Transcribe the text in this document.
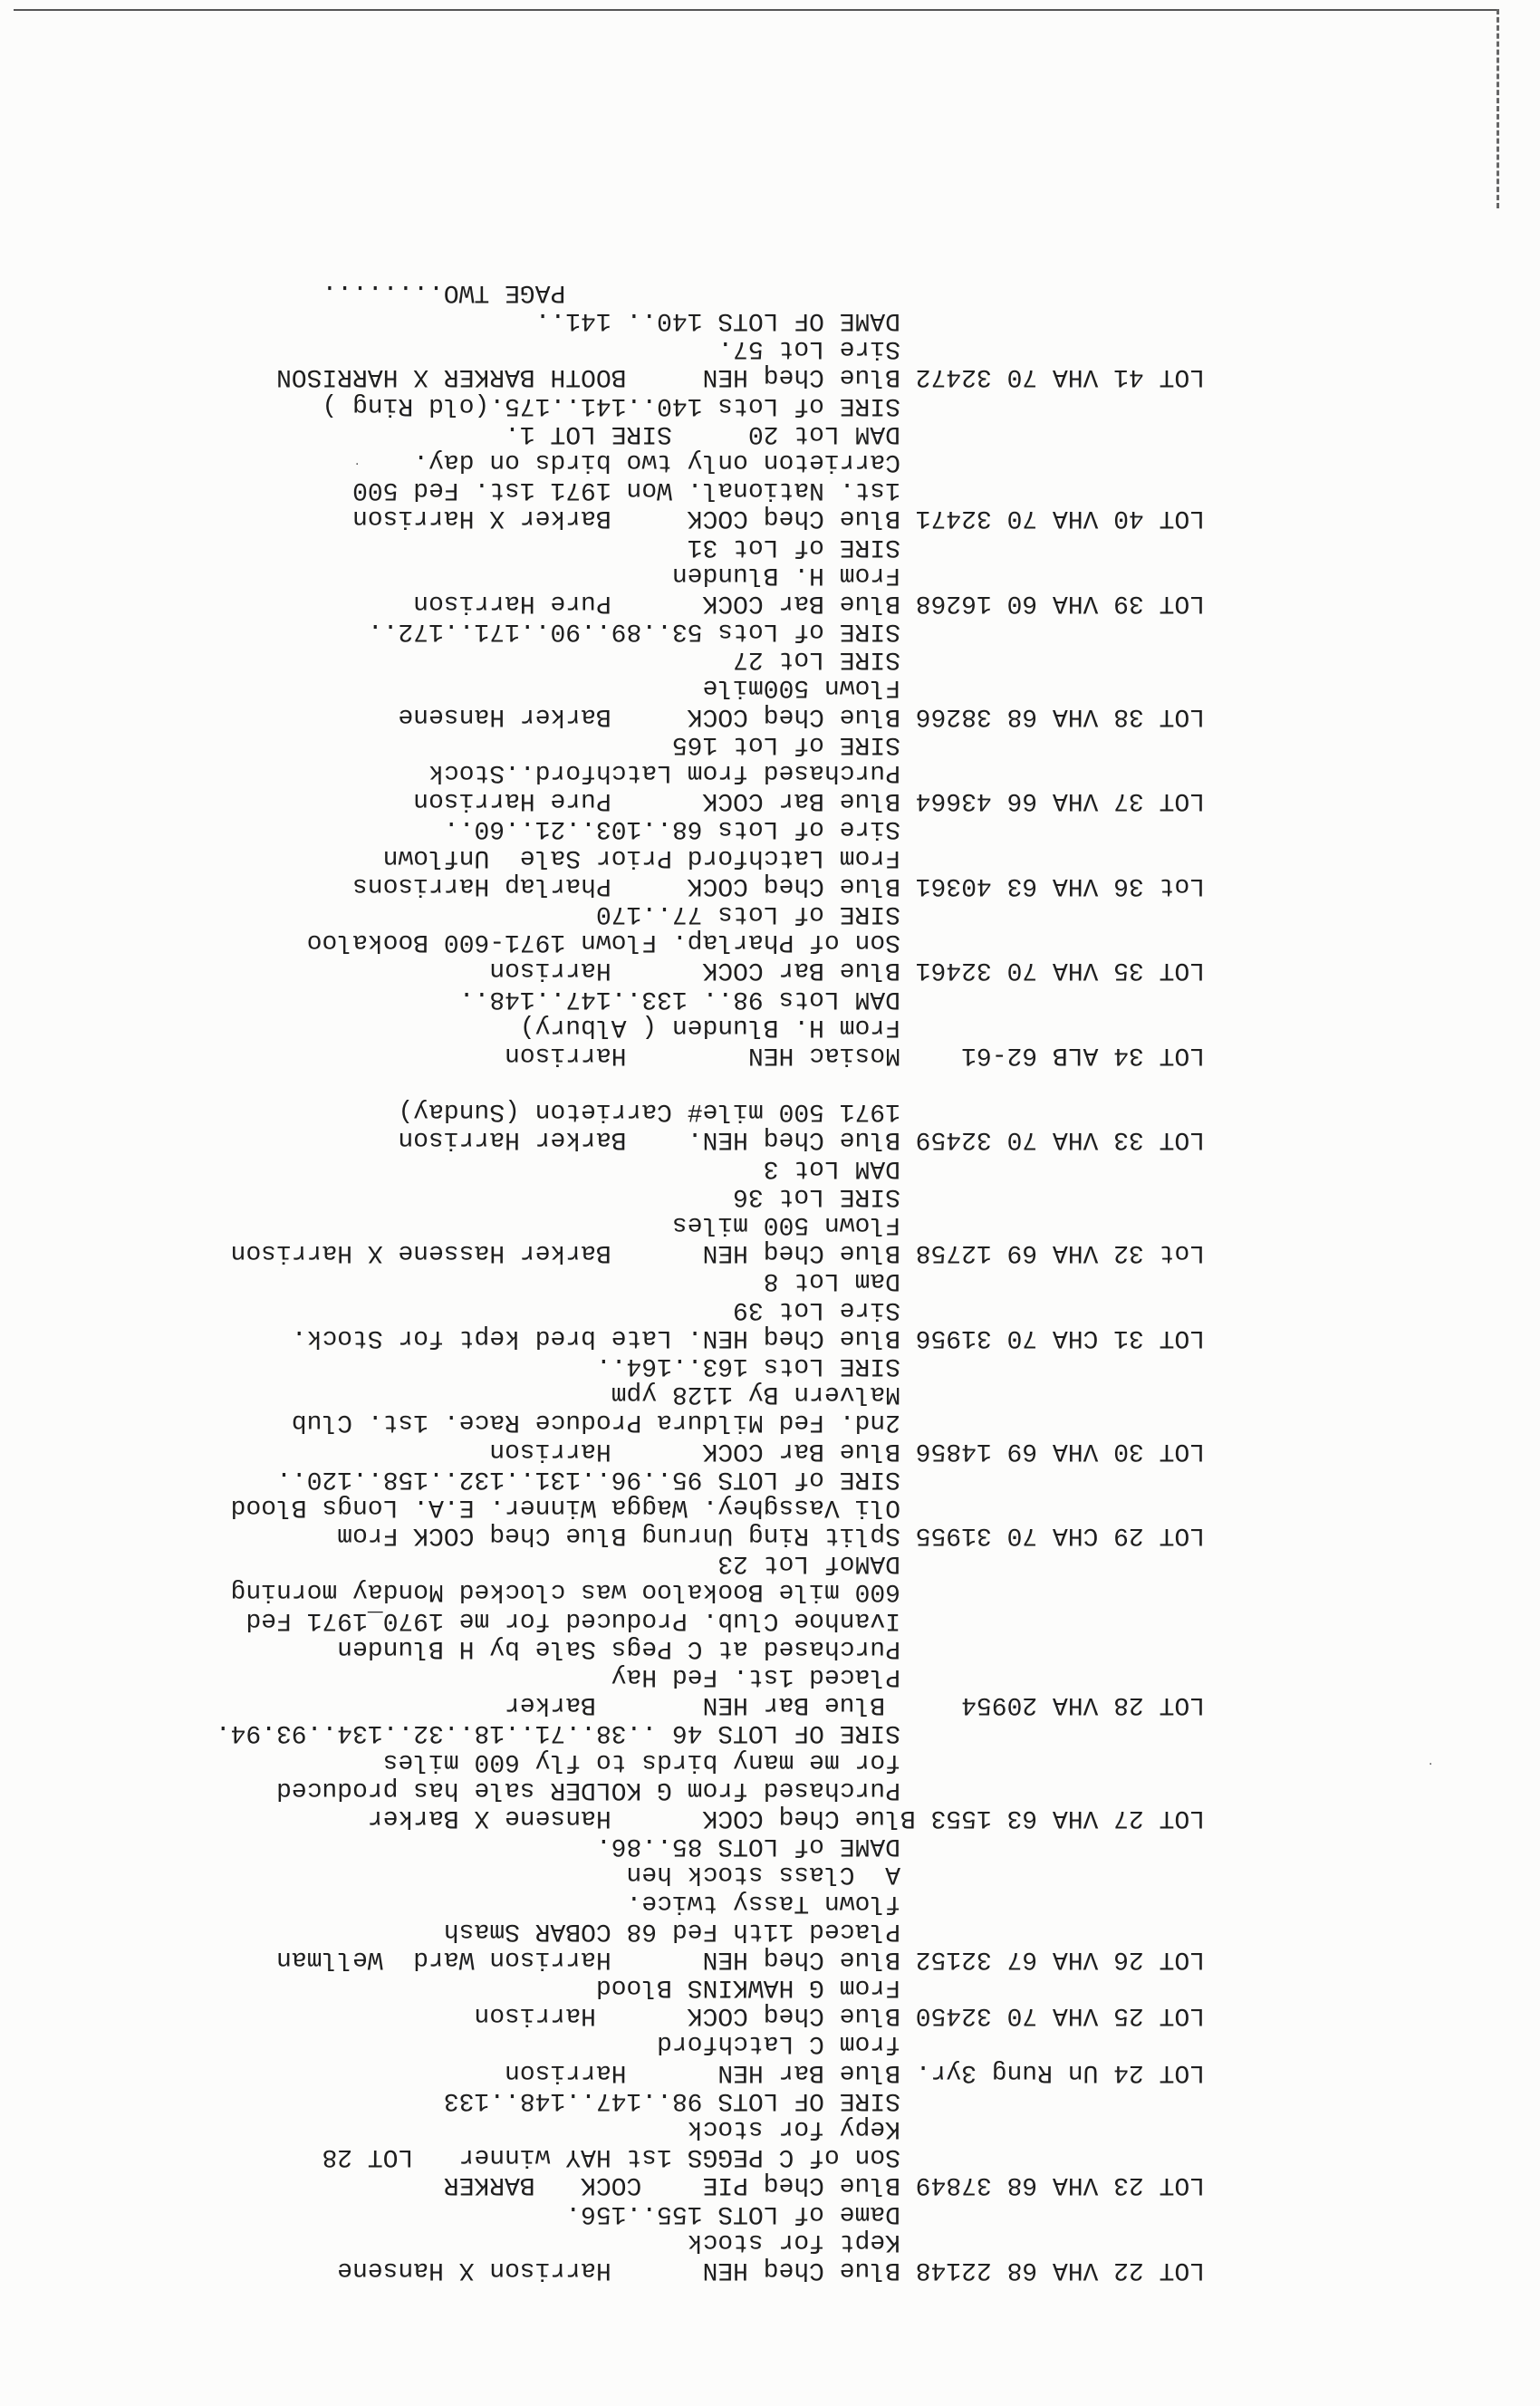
·
·
LOT 22 VHA 68 22148 Blue Cheq HEN      Harrison X Hansene
Kept for stock
Dame of LOTS 155..156.
LOT 23 VHA 68 37849 Blue Cheq PIE    COCK   BARKER
Son of C PEGGS 1st HAY winner   LOT 28
Kepy for stock
SIRE OF LOTS 98..147..148..133
LOT 24 Un Rung 3yr. Blue Bar HEN      Harrison
from C Latchford
LOT 25 VHA 70 32450 Blue Cheq COCK      Harrison
From G HAWKINS Blood
LOT 26 VHA 67 32152 Blue Cheq HEN      Harrison Ward  Wellman
Placed 11th Fed 68 COBAR Smash
flown Tassy twice.
A  Class stock hen
DAME of LOTS 85..86.
LOT 27 VHA 63 1553 Blue Cheq COCK      Hansene X Barker
Purchased from G KOLDER sale has produced
for me many birds to fly 600 miles
SIRE OF LOTS 46 ..38..71..18..32..134..93.94.
LOT 28 VHA 20954     Blue Bar HEN       Barker
Placed 1st. Fed Hay
Purchased at C Pegs Sale by H Blunden
Ivanhoe Club. Produced for me 1970_1971 Fed
600 mile Bookaloo was clocked Monday morning
DAMof Lot 23
LOT 29 CHA 70 31955 Split Ring Unrung Blue Cheq COCK From
Oli Vassghey. Wagga Winner. E.A. Longs Blood
SIRE of LOTS 95..96..131..132..158..120..
LOT 30 VHA 69 14856 Blue Bar COCK      Harrison
2nd. Fed Mildura Produce Race. 1st. Club
Malvern By 1128 ypm
SIRE Lots 163..164..
LOT 31 CHA 70 31956 Blue Cheq HEN. Late bred kept for Stock.
Sire Lot 39
Dam Lot 8
Lot 32 VHA 69 12758 Blue Cheq HEN      Barker Hassene X Harrison
Flown 500 miles
SIRE Lot 36
DAM Lot 3
LOT 33 VHA 70 32459 Blue Cheq HEN.    Barker Harrison
1971 500 mile# Carrieton (Sunday)
LOT 34 ALB 62-61    Mosiac HEN        Harrison
From H. Blunden ( Albury)
DAM Lots 98.. 133..147..148..
LOT 35 VHA 70 32461 Blue Bar COCK      Harrison
Son of Pharlap. Flown 1971-600 Bookaloo
SIRE of Lots 77..170
Lot 36 VHA 63 40361 Blue Cheq COCK     Pharlap Harrisons
From Latchford Prior Sale  Unflown
Sire of Lots 68..103..21..60..
LOT 37 VHA 66 43664 Blue Bar COCK      Pure Harrison
Purchased from Latchford..Stock
SIRE of Lot 165
LOT 38 VHA 68 38266 Blue Cheq COCK     Barker Hansene
Flown 500mile
SIRE Lot 27
SIRE of Lots 53..89..90..171..172..
LOT 39 VHA 60 16268 Blue Bar COCK      Pure Harrison
From H. Blunden
SIRE of Lot 31
LOT 40 VHA 70 32471 Blue Cheq COCK     Barker X Harrison
1st. National. Won 1971 1st. Fed 500
Carrieton only two birds on day.
DAM Lot 20     SIRE LOT 1.
SIRE of Lots 140..141..175.(old Ring )
LOT 41 VHA 70 32472 Blue Cheq HEN     BOOTH BARKER X HARRISON
Sire Lot 57.
DAME OF LOTS 140.. 141..
PAGE TWO........
